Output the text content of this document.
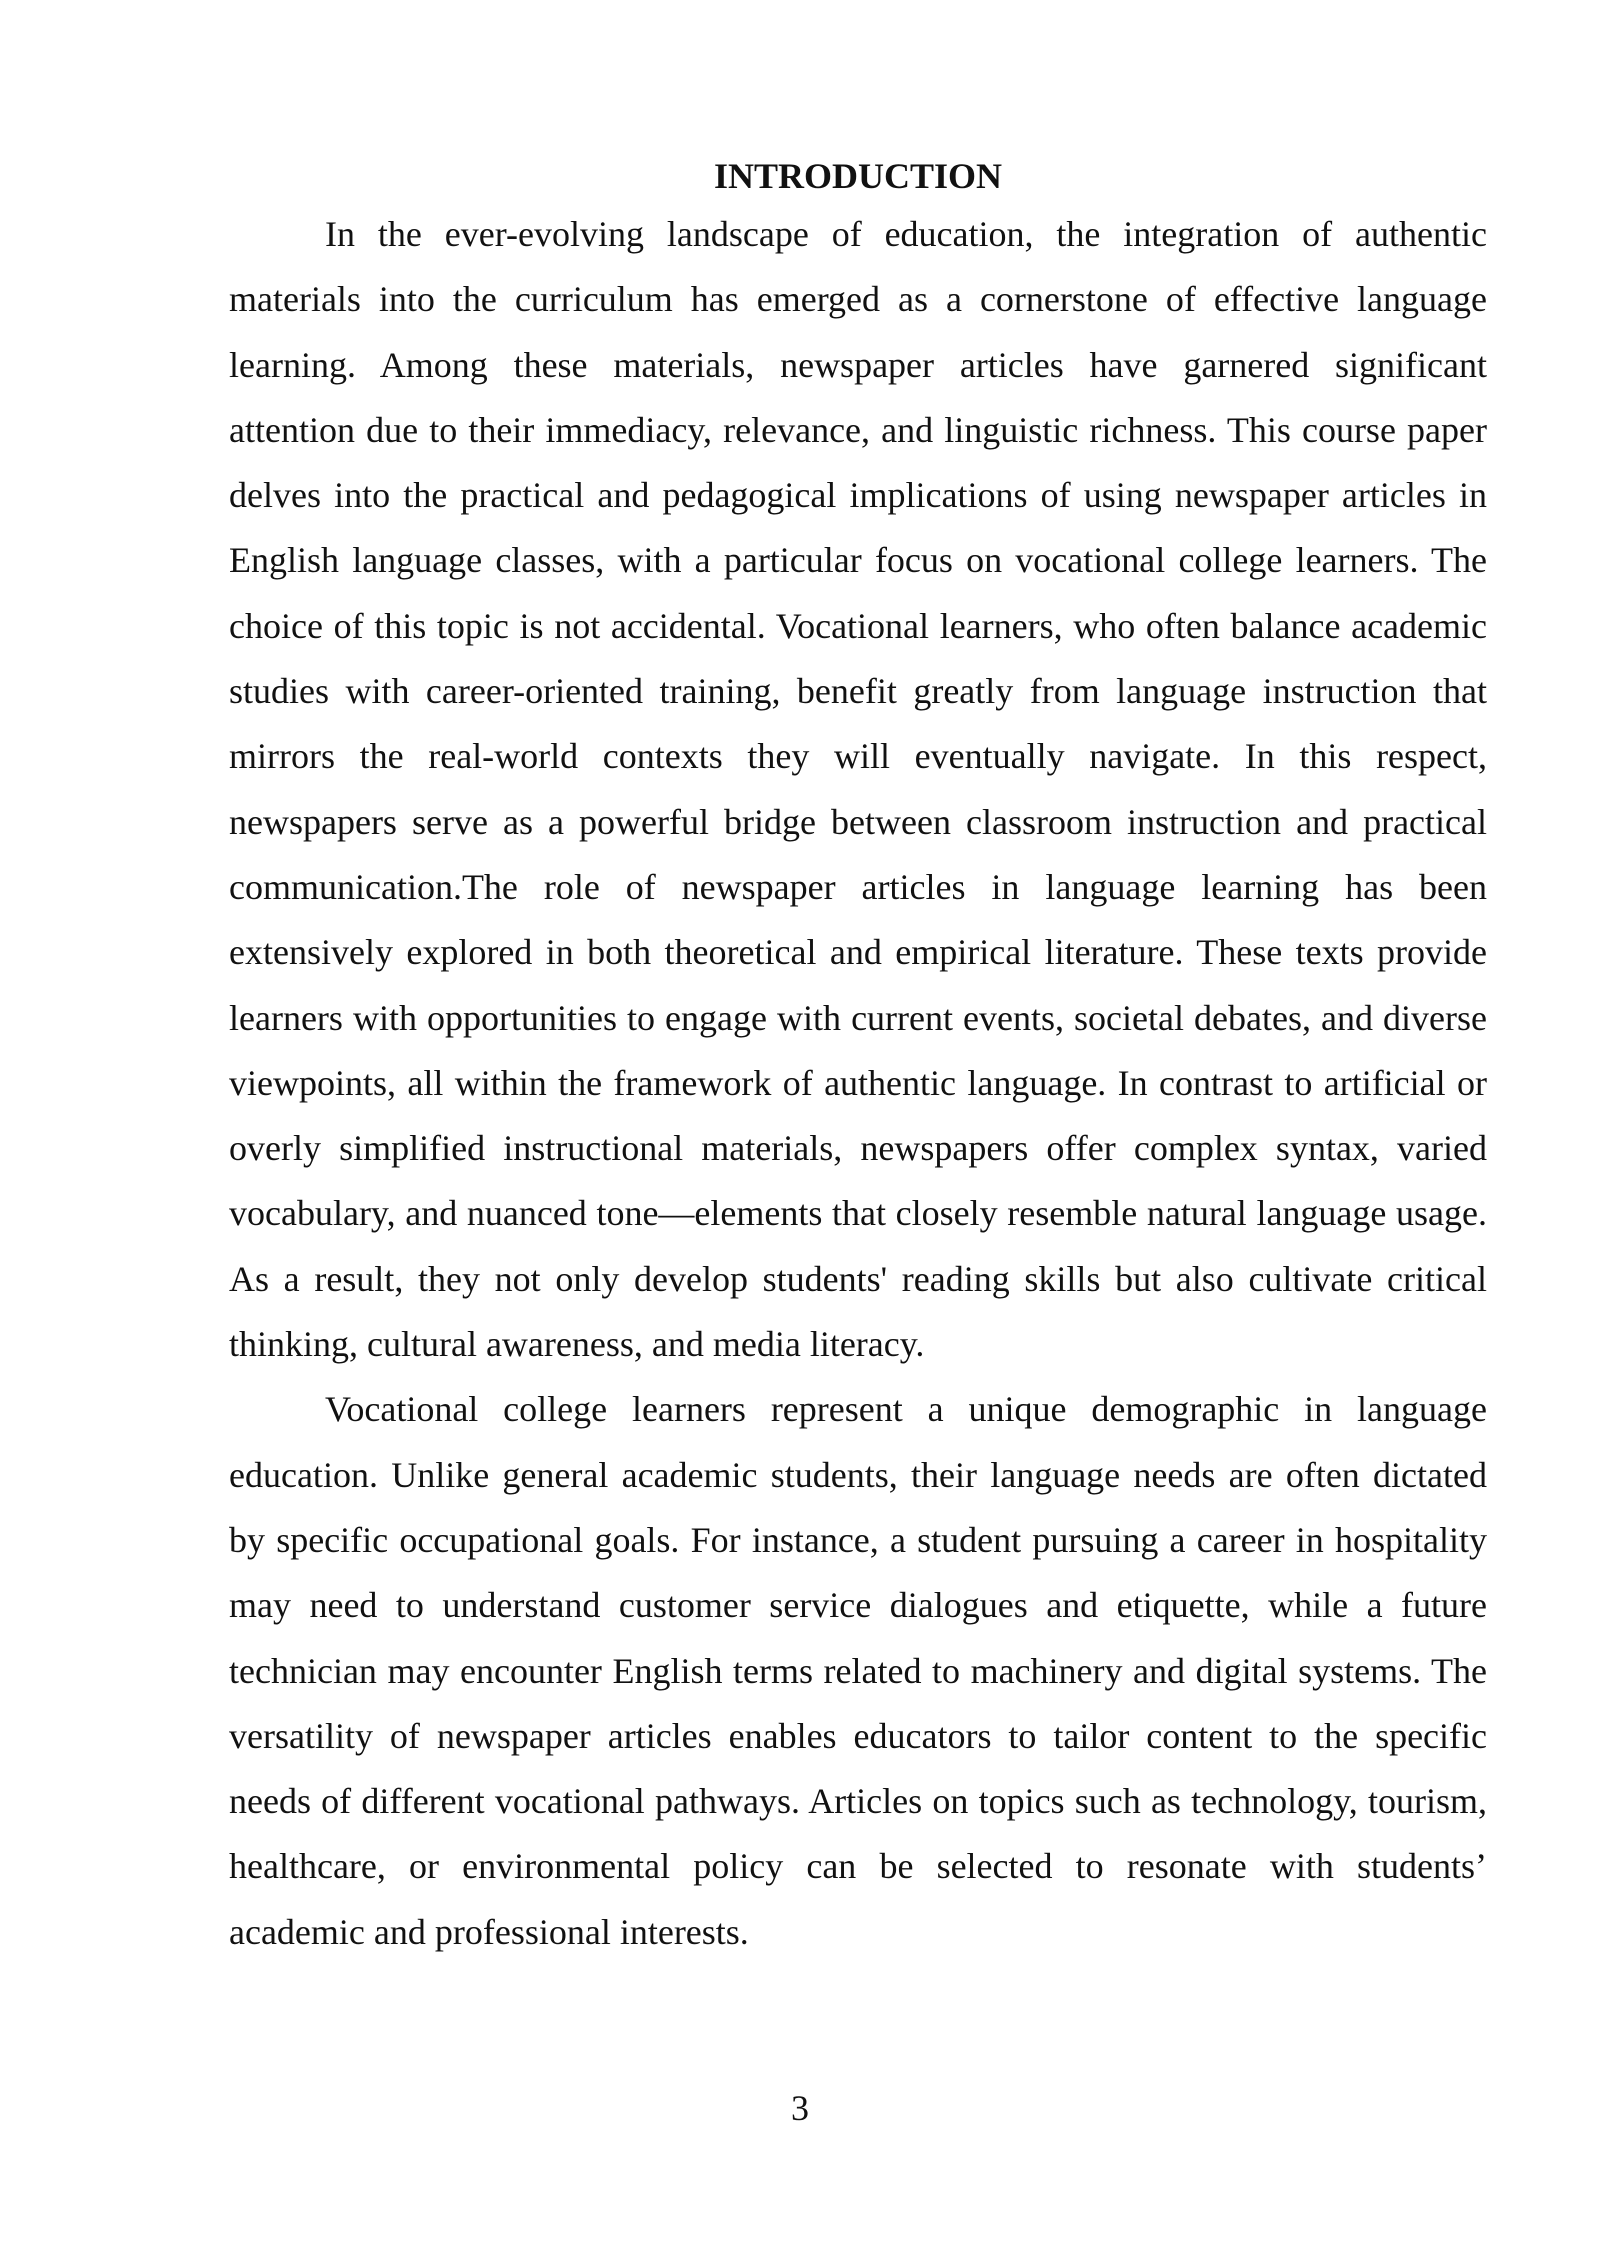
INTRODUCTION

In the ever-evolving landscape of education, the integration of authentic materials into the curriculum has emerged as a cornerstone of effective language learning. Among these materials, newspaper articles have garnered significant attention due to their immediacy, relevance, and linguistic richness. This course paper delves into the practical and pedagogical implications of using newspaper articles in English language classes, with a particular focus on vocational college learners. The choice of this topic is not accidental. Vocational learners, who often balance academic studies with career-oriented training, benefit greatly from language instruction that mirrors the real-world contexts they will eventually navigate. In this respect, newspapers serve as a powerful bridge between classroom instruction and practical communication.The role of newspaper articles in language learning has been extensively explored in both theoretical and empirical literature. These texts provide learners with opportunities to engage with current events, societal debates, and diverse viewpoints, all within the framework of authentic language. In contrast to artificial or overly simplified instructional materials, newspapers offer complex syntax, varied vocabulary, and nuanced tone—elements that closely resemble natural language usage. As a result, they not only develop students' reading skills but also cultivate critical thinking, cultural awareness, and media literacy.

Vocational college learners represent a unique demographic in language education. Unlike general academic students, their language needs are often dictated by specific occupational goals. For instance, a student pursuing a career in hospitality may need to understand customer service dialogues and etiquette, while a future technician may encounter English terms related to machinery and digital systems. The versatility of newspaper articles enables educators to tailor content to the specific needs of different vocational pathways. Articles on topics such as technology, tourism, healthcare, or environmental policy can be selected to resonate with students’ academic and professional interests.

3
